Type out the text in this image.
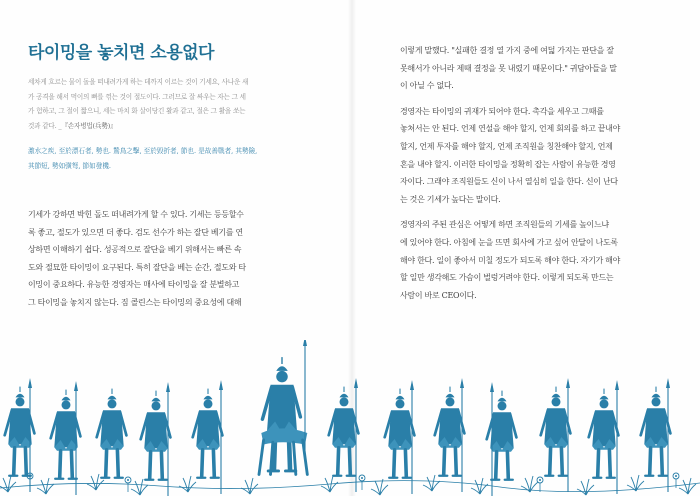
타이밍을 놓치면 소용없다

세차게 흐르는 물이 돌을 떠내려가게 하는 데까지 이르는 것이 기세요, 사나운 새

가 공격을 해서 먹이의 뼈를 꺾는 것이 절도이다. 그러므로 잘 싸우는 자는 그 세

가 험하고, 그 절이 짧으니, 세는 마치 화 살이당긴 활과 같고, 절은 그 활을 쏘는

것과 같다. _『손자병법(兵勢)』

激水之疾, 至於漂石者, 勢也. 鷙鳥之擊, 至於毁折者, 節也. 是故善戰者, 其勢險,

其節短, 勢如彉弩, 節如發機.

기세가 강하면 박힌 돌도 떠내려가게 할 수 있다. 기세는 등등할수

록 좋고, 절도가 있으면 더 좋다. 검도 선수가 하는 잘단 베기를 연

상하면 이해하기 쉽다. 성공적으로 잘단을 베기 위해서는 빠른 속

도와 절묘한 타이밍이 요구된다. 특히 잘단을 베는 순간, 절도와 타

이밍이 중요하다. 유능한 경영자는 매사에 타이밍을 잘 분별하고

그 타이밍을 놓치지 않는다. 짐 콜린스는 타이밍의 중요성에 대해

이렇게 말했다. "실패한 결정 열 가지 중에 여덟 가지는 판단을 잘

못해서가 아니라 제때 결정을 못 내렸기 때문이다." 귀담아들을 말

이 아닐 수 없다.

경영자는 타이밍의 귀재가 되어야 한다. 촉각을 세우고 그때를

놓쳐서는 안 된다. 언제 연설을 해야 할지, 언제 회의를 하고 끝내야

할지, 언제 투자를 해야 할지, 언제 조직원을 칭찬해야 할지, 언제

혼을 내야 할지. 이러한 타이밍을 정확히 잡는 사람이 유능한 경영

자이다. 그래야 조직원들도 신이 나서 열심히 일을 한다. 신이 난다

는 것은 기세가 높다는 말이다.

경영자의 주된 관심은 어떻게 하면 조직원들의 기세를 높이느냐

에 있어야 한다. 아침에 눈을 뜨면 회사에 가고 싶어 안달이 나도록

해야 한다. 일이 좋아서 미칠 정도가 되도록 해야 한다. 자기가 해야

할 일만 생각해도 가슴이 벌렁거려야 한다. 이렇게 되도록 만드는

사람이 바로 CEO이다.
